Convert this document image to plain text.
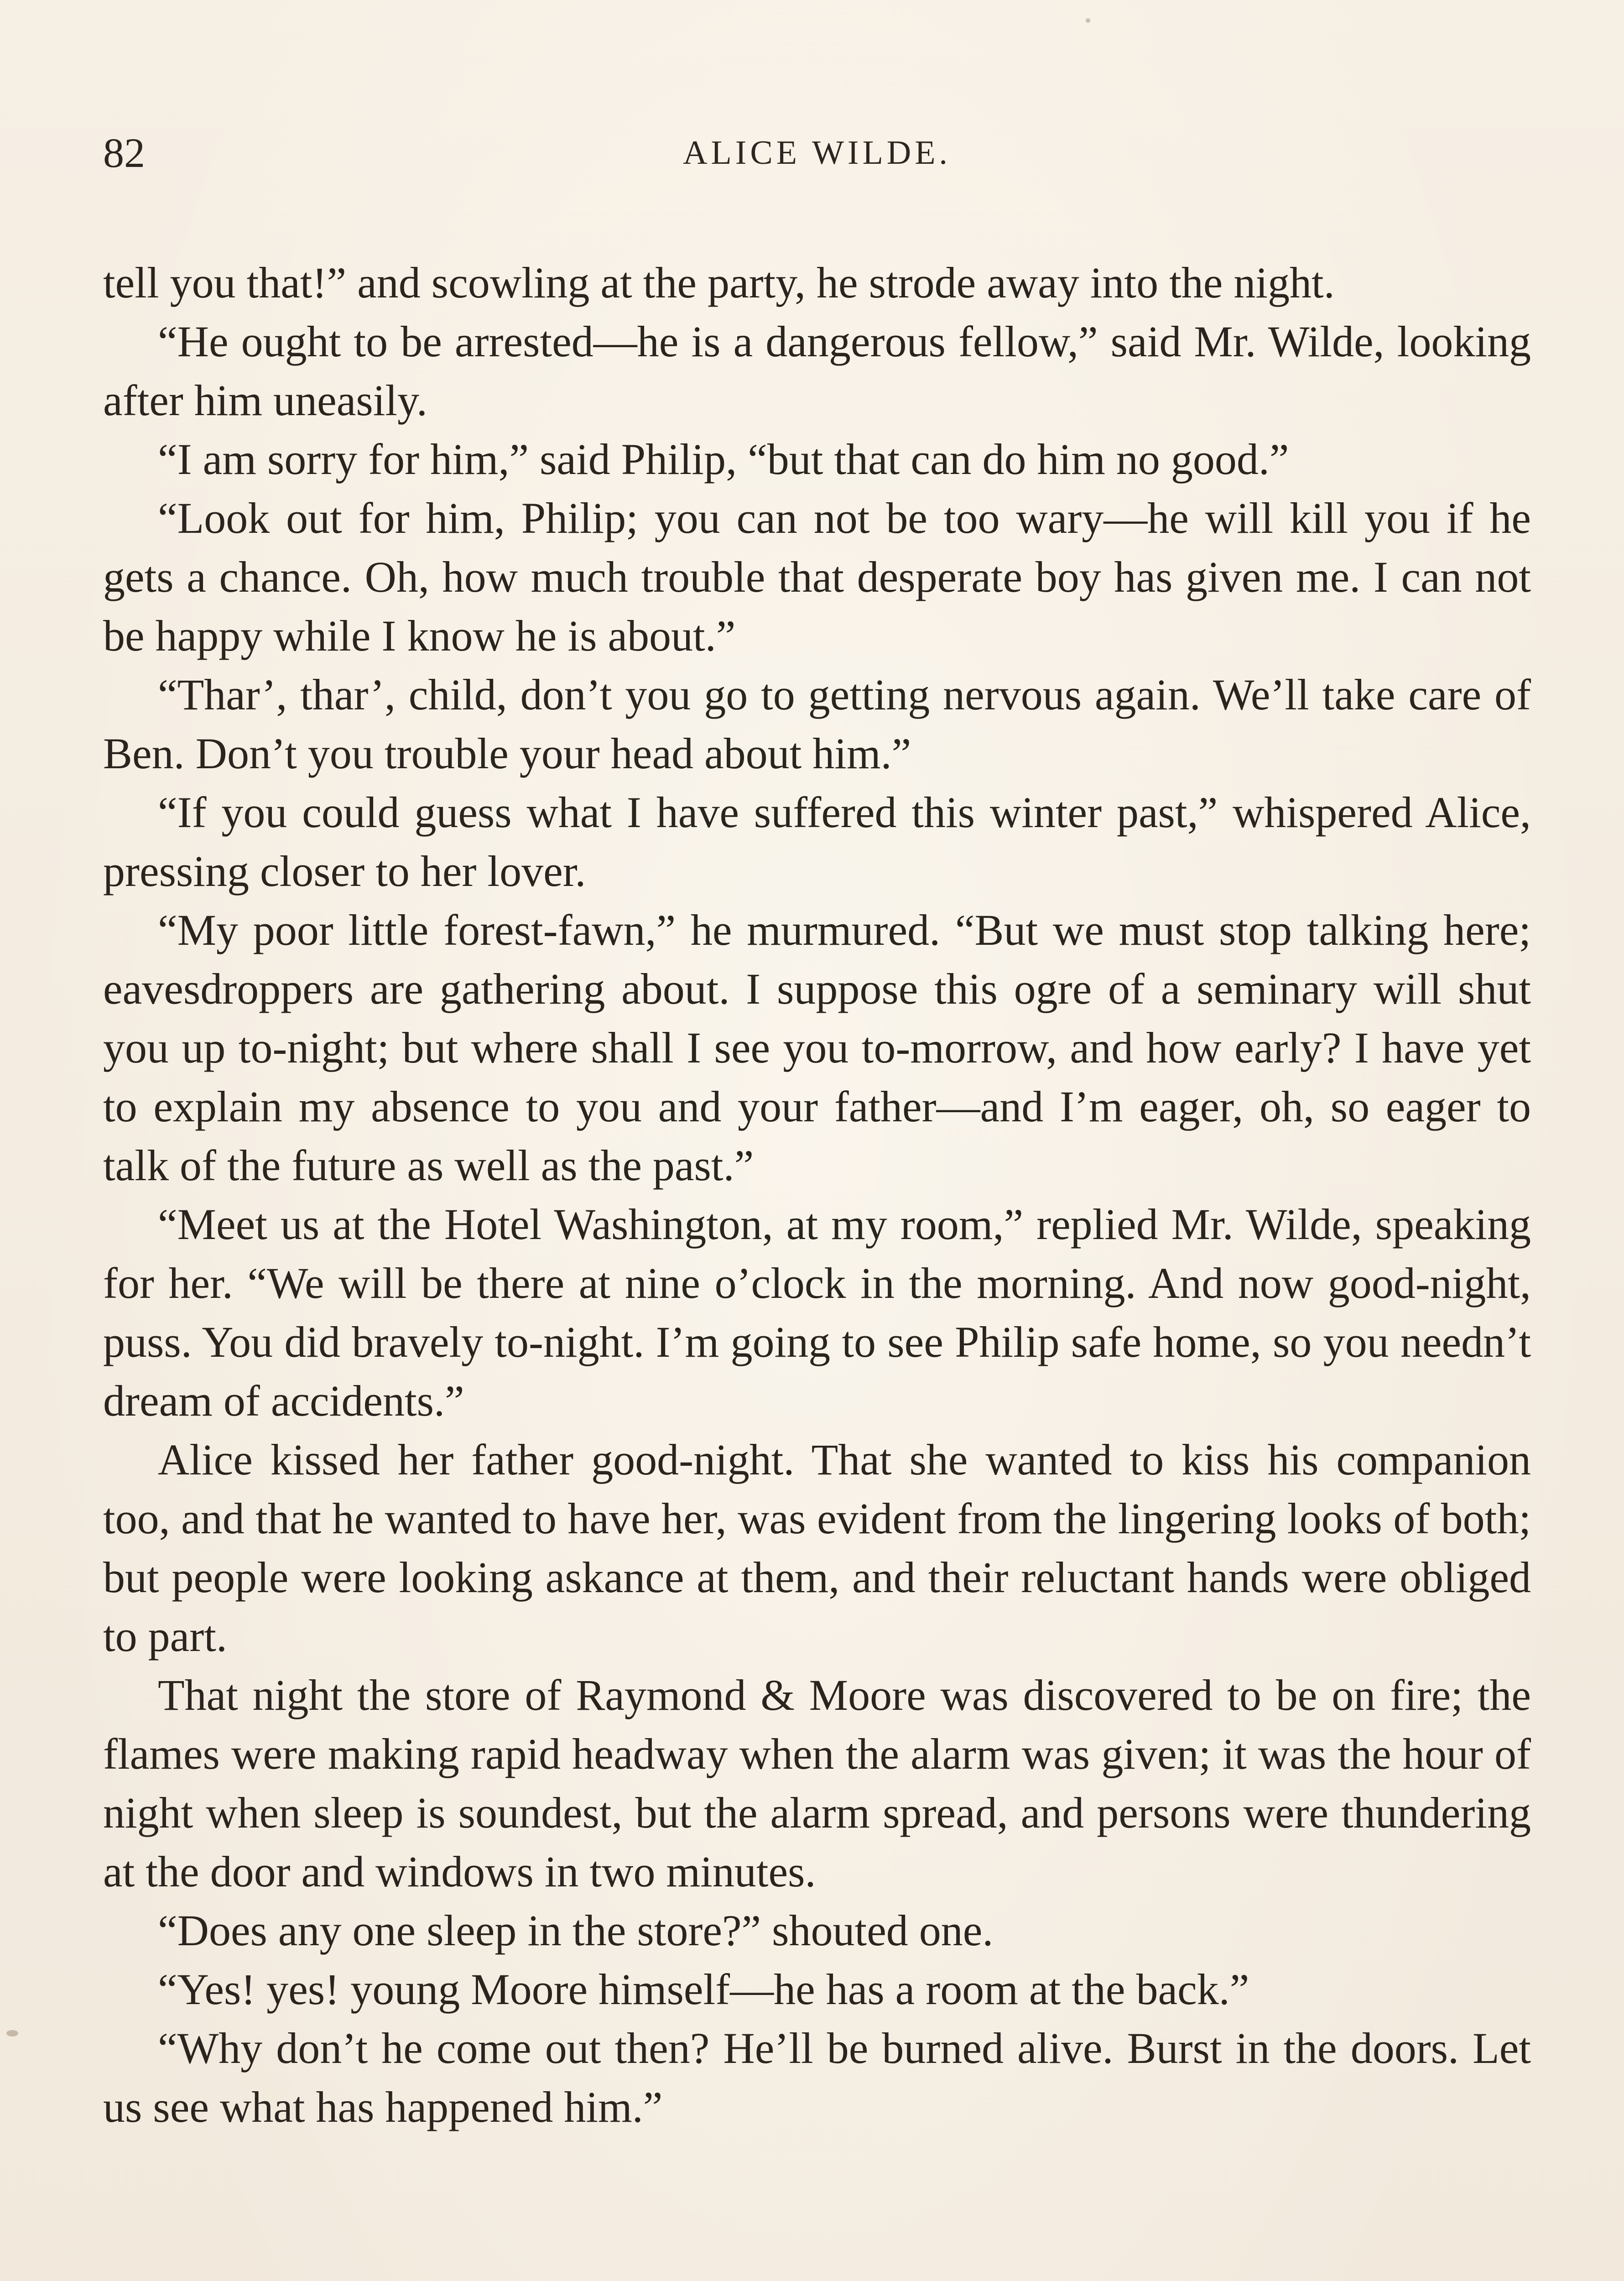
82	ALICE WILDE.

tell you that!” and scowling at the party, he strode away into the night.

“He ought to be arrested—he is a dangerous fellow,” said Mr. Wilde, looking after him uneasily.

“I am sorry for him,” said Philip, “but that can do him no good.”

“Look out for him, Philip; you can not be too wary—he will kill you if he gets a chance. Oh, how much trouble that desperate boy has given me. I can not be happy while I know he is about.”

“Thar’, thar’, child, don’t you go to getting nervous again. We’ll take care of Ben. Don’t you trouble your head about him.”

“If you could guess what I have suffered this winter past,” whispered Alice, pressing closer to her lover.

“My poor little forest-fawn,” he murmured. “But we must stop talking here; eavesdroppers are gathering about. I suppose this ogre of a seminary will shut you up to-night; but where shall I see you to-morrow, and how early? I have yet to explain my absence to you and your father—and I’m eager, oh, so eager to talk of the future as well as the past.”

“Meet us at the Hotel Washington, at my room,” replied Mr. Wilde, speaking for her. “We will be there at nine o’clock in the morning. And now good-night, puss. You did bravely to-night. I’m going to see Philip safe home, so you needn’t dream of accidents.”

Alice kissed her father good-night. That she wanted to kiss his companion too, and that he wanted to have her, was evident from the lingering looks of both; but people were looking askance at them, and their reluctant hands were obliged to part.

That night the store of Raymond & Moore was discovered to be on fire; the flames were making rapid headway when the alarm was given; it was the hour of night when sleep is soundest, but the alarm spread, and persons were thundering at the door and windows in two minutes.

“Does any one sleep in the store?” shouted one.

“Yes! yes! young Moore himself—he has a room at the back.”

“Why don’t he come out then? He’ll be burned alive. Burst in the doors. Let us see what has happened him.”
